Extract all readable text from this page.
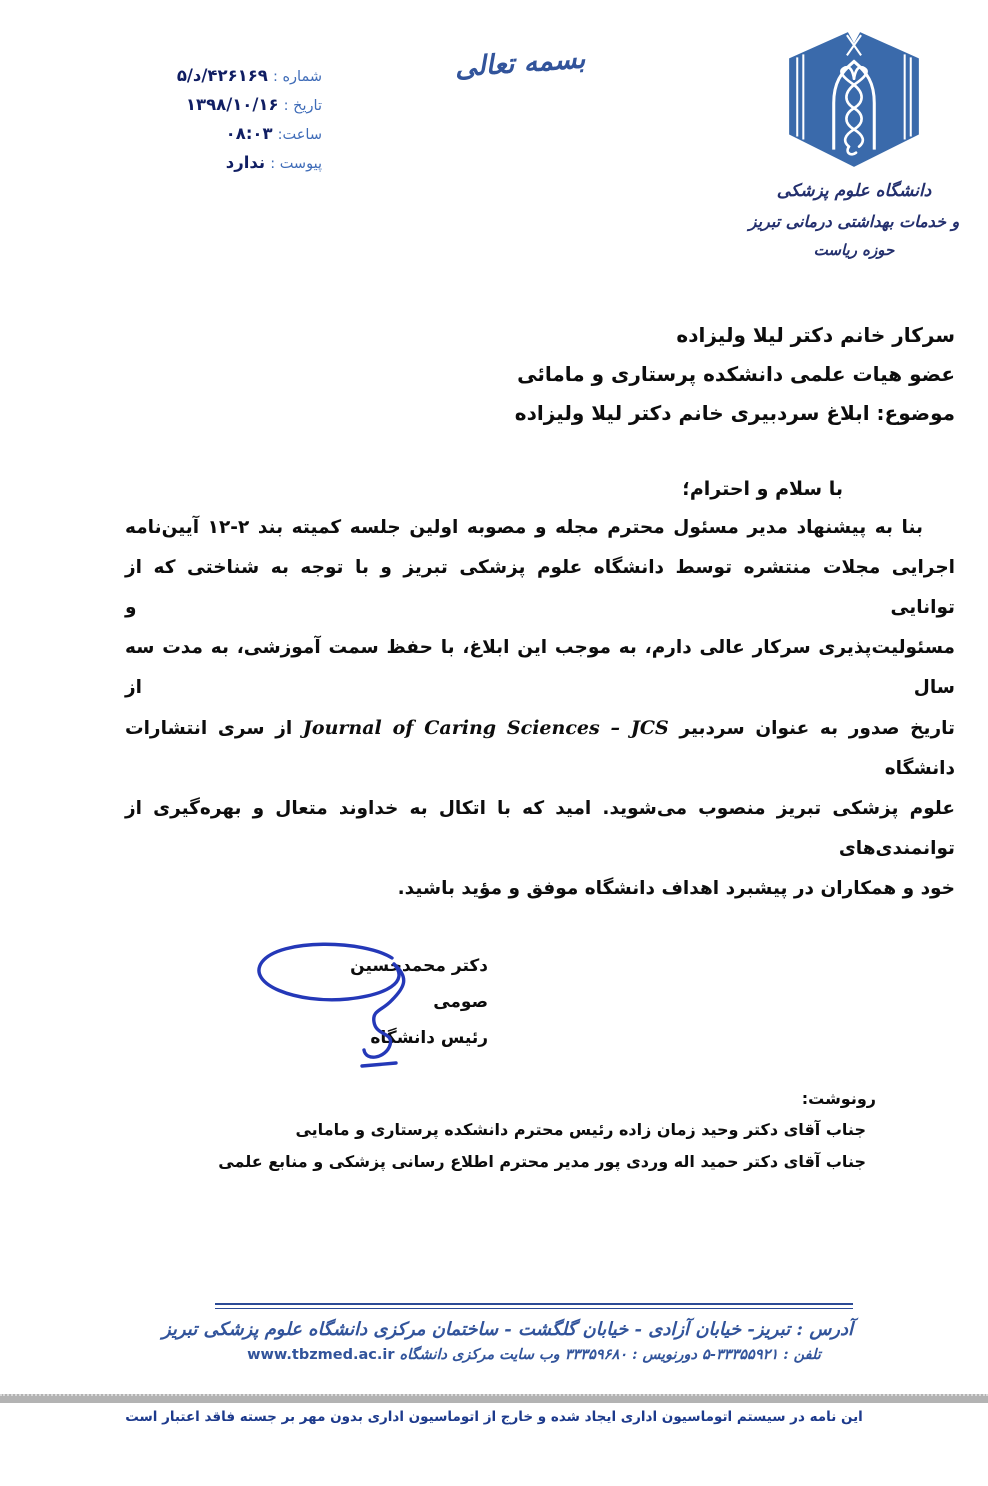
شماره : ۴۲۶۱۶۹/د/۵
تاریخ : ۱۳۹۸/۱۰/۱۶
ساعت: ۰۸:۰۳
پیوست : ندارد
بسمه تعالی
دانشگاه علوم پزشکی
و خدمات بهداشتی درمانی تبریز
حوزه ریاست
سرکار خانم دکتر لیلا ولیزاده
عضو هیات علمی دانشکده پرستاری و مامائی
موضوع: ابلاغ سردبیری خانم دکتر لیلا ولیزاده
با سلام و احترام؛
بنا به پیشنهاد مدیر مسئول محترم مجله و مصوبه اولین جلسه کمیته بند ۲-۱۲ آیین‌نامه
اجرایی مجلات منتشره توسط دانشگاه علوم پزشکی تبریز و با توجه به شناختی که از توانایی و
مسئولیت‌پذیری سرکار عالی دارم، به موجب این ابلاغ، با حفظ سمت آموزشی، به مدت سه سال از
تاریخ صدور به عنوان سردبیر Journal of Caring Sciences – JCS از سری انتشارات دانشگاه
علوم پزشکی تبریز منصوب می‌شوید. امید که با اتکال به خداوند متعال و بهره‌گیری از توانمندی‌های
خود و همکاران در پیشبرد اهداف دانشگاه موفق و مؤید باشید.
دکتر محمدحسین صومی
رئیس دانشگاه
رونوشت:
جناب آقای دکتر وحید زمان زاده رئیس محترم دانشکده پرستاری و مامایی
جناب آقای دکتر حمید اله وردی پور مدیر محترم اطلاع رسانی پزشکی و منابع علمی
آدرس : تبریز- خیابان آزادی - خیابان گلگشت - ساختمان مرکزی دانشگاه علوم پزشکی تبریز
تلفن : ۳۳۳۵۵۹۲۱-۵ دورنویس : ۳۳۳۵۹۶۸۰ وب سایت مرکزی دانشگاه www.tbzmed.ac.ir
این نامه در سیستم اتوماسیون اداری ایجاد شده و خارج از اتوماسیون اداری بدون مهر بر جسته فاقد اعتبار است
